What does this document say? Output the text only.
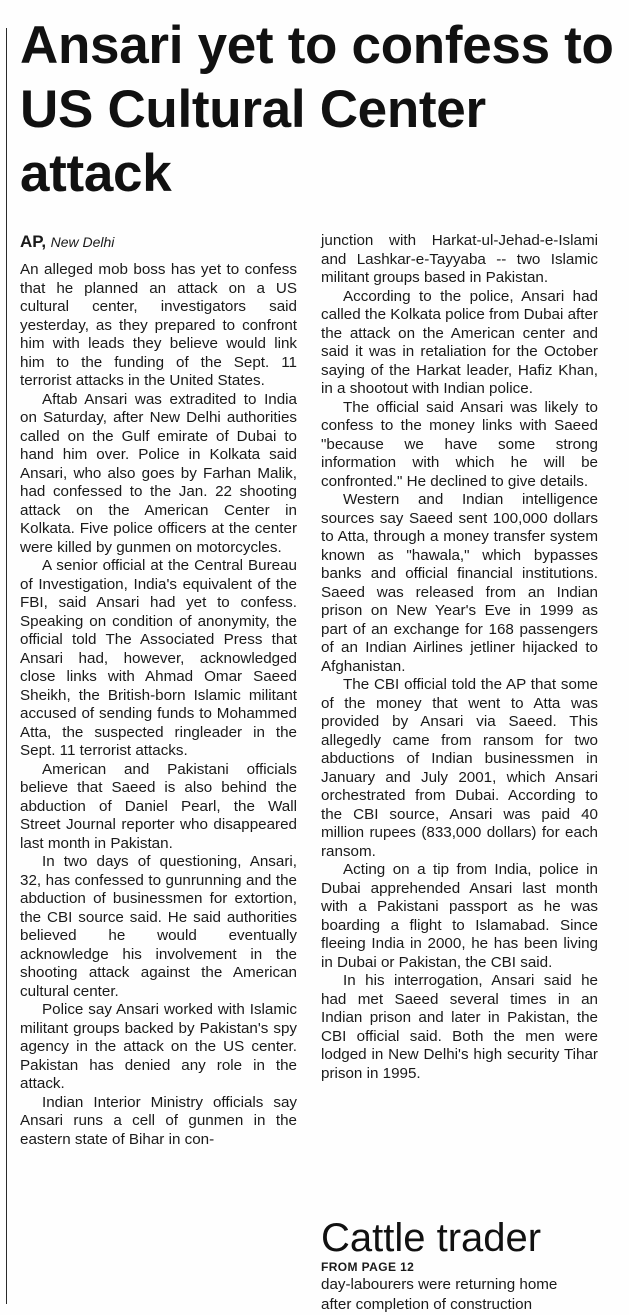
Ansari yet to confess to US Cultural Center attack
AP, New Delhi

An alleged mob boss has yet to confess that he planned an attack on a US cultural center, investigators said yesterday, as they prepared to confront him with leads they believe would link him to the funding of the Sept. 11 terrorist attacks in the United States.

Aftab Ansari was extradited to India on Saturday, after New Delhi authorities called on the Gulf emirate of Dubai to hand him over. Police in Kolkata said Ansari, who also goes by Farhan Malik, had confessed to the Jan. 22 shooting attack on the American Center in Kolkata. Five police officers at the center were killed by gunmen on motorcycles.

A senior official at the Central Bureau of Investigation, India's equivalent of the FBI, said Ansari had yet to confess. Speaking on condition of anonymity, the official told The Associated Press that Ansari had, however, acknowledged close links with Ahmad Omar Saeed Sheikh, the British-born Islamic militant accused of sending funds to Mohammed Atta, the suspected ringleader in the Sept. 11 terrorist attacks.

American and Pakistani officials believe that Saeed is also behind the abduction of Daniel Pearl, the Wall Street Journal reporter who disappeared last month in Pakistan.

In two days of questioning, Ansari, 32, has confessed to gunrunning and the abduction of businessmen for extortion, the CBI source said. He said authorities believed he would eventually acknowledge his involvement in the shooting attack against the American cultural center.

Police say Ansari worked with Islamic militant groups backed by Pakistan's spy agency in the attack on the US center. Pakistan has denied any role in the attack.

Indian Interior Ministry officials say Ansari runs a cell of gunmen in the eastern state of Bihar in con-

junction with Harkat-ul-Jehad-e-Islami and Lashkar-e-Tayyaba -- two Islamic militant groups based in Pakistan.

According to the police, Ansari had called the Kolkata police from Dubai after the attack on the American center and said it was in retaliation for the October saying of the Harkat leader, Hafiz Khan, in a shootout with Indian police.

The official said Ansari was likely to confess to the money links with Saeed "because we have some strong information with which he will be confronted." He declined to give details.

Western and Indian intelligence sources say Saeed sent 100,000 dollars to Atta, through a money transfer system known as "hawala," which bypasses banks and official financial institutions. Saeed was released from an Indian prison on New Year's Eve in 1999 as part of an exchange for 168 passengers of an Indian Airlines jetliner hijacked to Afghanistan.

The CBI official told the AP that some of the money that went to Atta was provided by Ansari via Saeed. This allegedly came from ransom for two abductions of Indian businessmen in January and July 2001, which Ansari orchestrated from Dubai. According to the CBI source, Ansari was paid 40 million rupees (833,000 dollars) for each ransom.

Acting on a tip from India, police in Dubai apprehended Ansari last month with a Pakistani passport as he was boarding a flight to Islamabad. Since fleeing India in 2000, he has been living in Dubai or Pakistan, the CBI said.

In his interrogation, Ansari said he had met Saeed several times in an Indian prison and later in Pakistan, the CBI official said. Both the men were lodged in New Delhi's high security Tihar prison in 1995.

Cattle trader
FROM PAGE 12

day-labourers were returning home

after completion of construction
